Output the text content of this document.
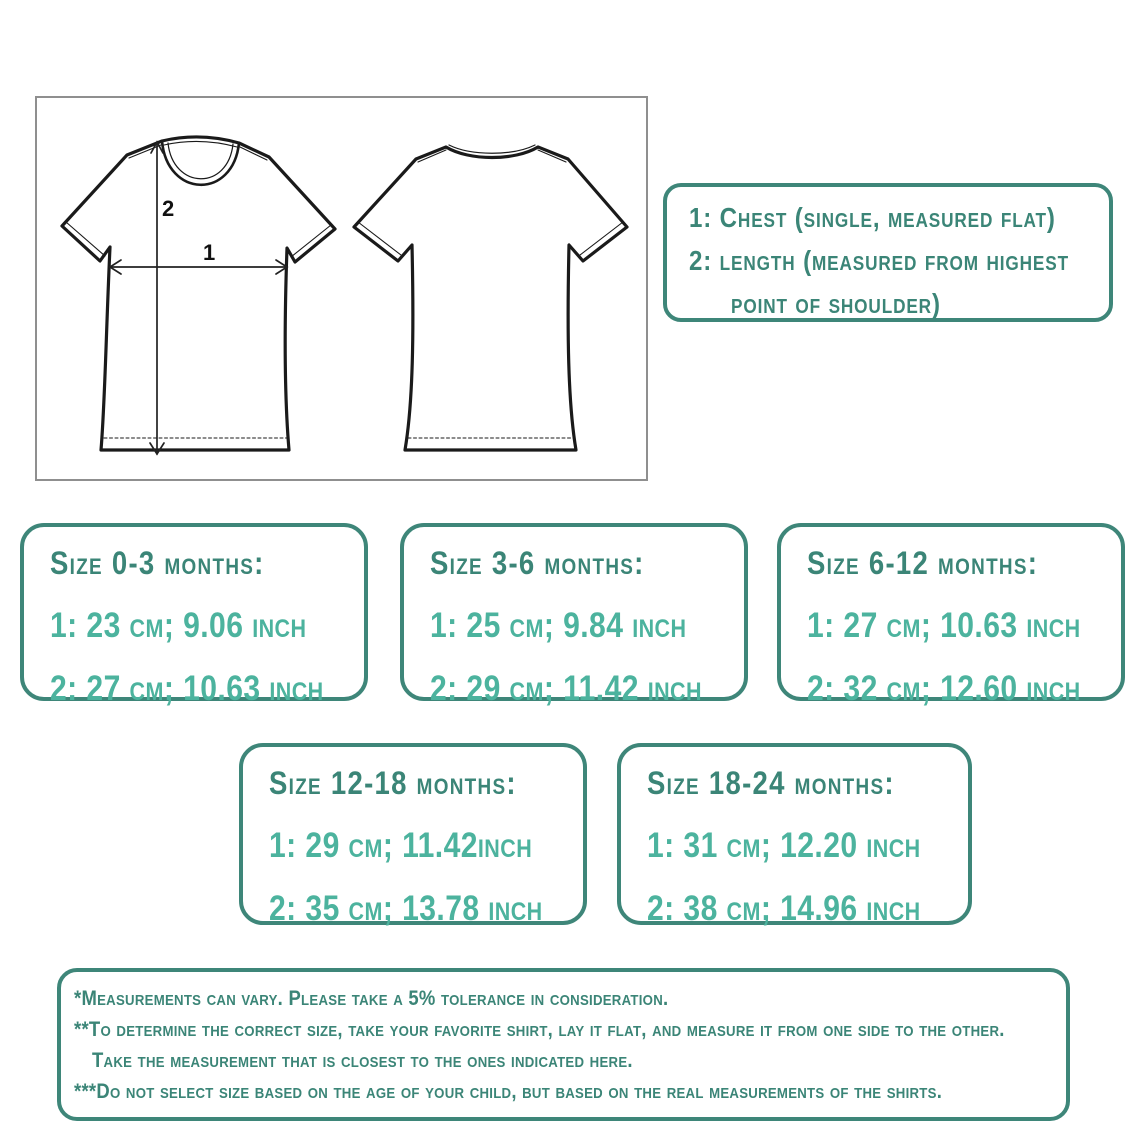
1
2	1: Chest (single, measured flat)
2: length (measured from highest
point of shoulder)
Size 0-3 months:
1: 23 cm; 9.06 inch
2: 27 cm; 10.63 inch
Size 3-6 months:
1: 25 cm; 9.84 inch
2: 29 cm; 11.42 inch
Size 6-12 months:
1: 27 cm; 10.63 inch
2: 32 cm; 12.60 inch
Size 12-18 months:
1: 29 cm; 11.42inch
2: 35 cm; 13.78 inch
Size 18-24 months:
1: 31 cm; 12.20 inch
2: 38 cm; 14.96 inch
*Measurements can vary. Please take a 5% tolerance in consideration.
**To determine the correct size, take your favorite shirt, lay it flat, and measure it from one side to the other.
Take the measurement that is closest to the ones indicated here.
***Do not select size based on the age of your child, but based on the real measurements of the shirts.
